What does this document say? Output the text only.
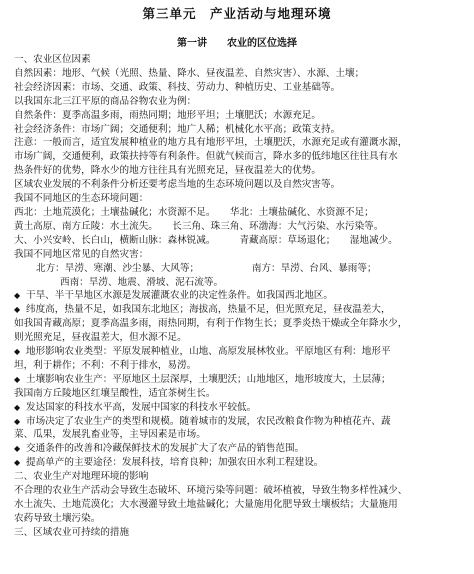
第三单元　产业活动与地理环境
第一讲　　农业的区位选择

一、农业区位因素

自然因素：地形、气候（光照、热量、降水、昼夜温差、自然灾害）、水源、土壤；

社会经济因素：市场、交通、政策、科技、劳动力、种植历史、工业基础等。

以我国东北三江平原的商品谷物农业为例：

自然条件：夏季高温多雨，雨热同期；地形平坦；土壤肥沃；水源充足。

社会经济条件：市场广阔；交通便利；地广人稀；机械化水平高；政策支持。

注意：一般而言，适宜发展种植业的地方具有地形平坦，土壤肥沃，水源充足或有灌溉水源，

市场广阔，交通便利，政策扶持等有利条件。但就气候而言，降水多的低纬地区往往具有水

热条件好的优势，降水少的地方往往具有光照充足，昼夜温差大的优势。

区域农业发展的不利条件分析还要考虑当地的生态环境问题以及自然灾害等。

我国不同地区的生态环境问题：

西北：土地荒漠化；土壤盐碱化；水资源不足。　　华北：土壤盐碱化、水资源不足；

黄土高原、南方丘陵：水土流失。　　长三角、珠三角、环渤海：大气污染、水污染等。

大、小兴安岭、长白山，横断山脉：森林锐减。　　　青藏高原：草场退化；　　湿地减少。

我国不同地区常见的自然灾害：

北方：旱涝、寒潮、沙尘暴、大风等；　　　　　　南方：旱涝、台风、暴雨等；

西南：旱涝、地震、滑坡、泥石流等。

◆ 干旱、半干旱地区水源是发展灌溉农业的决定性条件。如我国西北地区。

◆ 纬度高，热量不足，如我国东北地区；海拔高，热量不足，但光照充足，昼夜温差大，

如我国青藏高原；夏季高温多雨，雨热同期，有利于作物生长；夏季炎热干燥或全年降水少，

则光照充足，昼夜温差大，但水源不足。

◆ 地形影响农业类型：平原发展种植业，山地、高原发展林牧业。平原地区有利：地形平

坦，利于耕作；不利：不利于排水，易涝。

◆ 土壤影响农业生产：平原地区土层深厚，土壤肥沃；山地地区，地形坡度大，土层薄；

我国南方丘陵地区红壤呈酸性，适宜茶树生长。

◆ 发达国家的科技水平高，发展中国家的科技水平较低。

◆ 市场决定了农业生产的类型和规模。随着城市的发展，农民改粮食作物为种植花卉、蔬

菜、瓜果，发展乳畜业等，主导因素是市场。

◆ 交通条件的改善和冷藏保鲜技术的发展扩大了农产品的销售范围。

◆ 提高单产的主要途径：发展科技，培育良种；加强农田水利工程建设。

二、农业生产对地理环境的影响

不合理的农业生产活动会导致生态破坏、环境污染等问题：破坏植被，导致生物多样性减少、

水土流失、土地荒漠化；大水漫灌导致土地盐碱化；大量施用化肥导致土壤板结；大量施用

农药导致土壤污染。

三、区域农业可持续的措施
